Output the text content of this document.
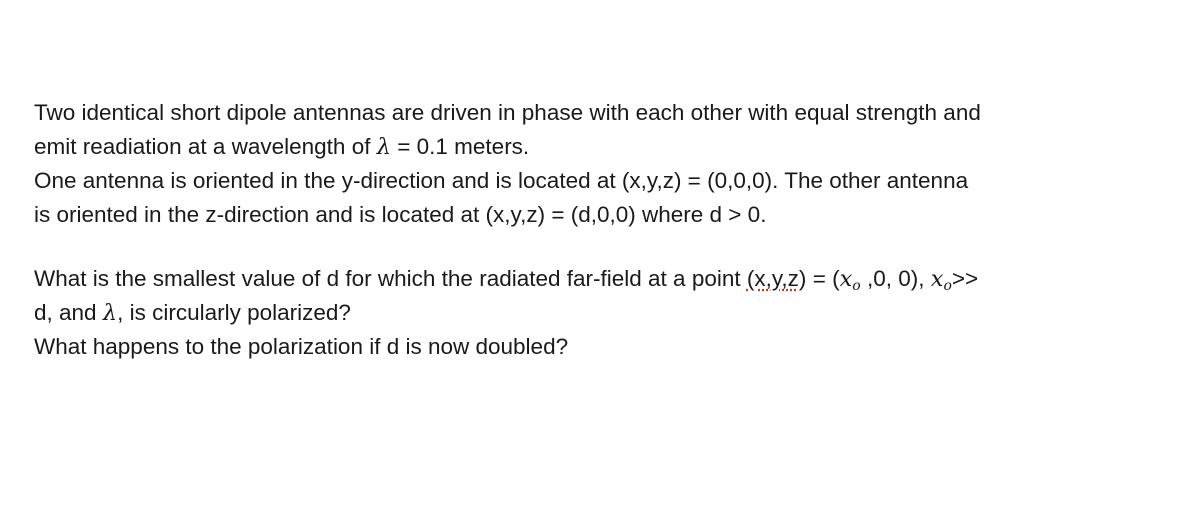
Two identical short dipole antennas are driven in phase with each other with equal strength and
emit readiation at a wavelength of λ = 0.1 meters.
One antenna is oriented in the y-direction and is located at (x,y,z) = (0,0,0). The other antenna
is oriented in the z-direction and is located at (x,y,z) = (d,0,0) where d > 0.
What is the smallest value of d for which the radiated far-field at a point $(x,y,z) = (x_o$ ,0, 0), $x_o>>$
d, and λ, is circularly polarized?
What happens to the polarization if d is now doubled?
